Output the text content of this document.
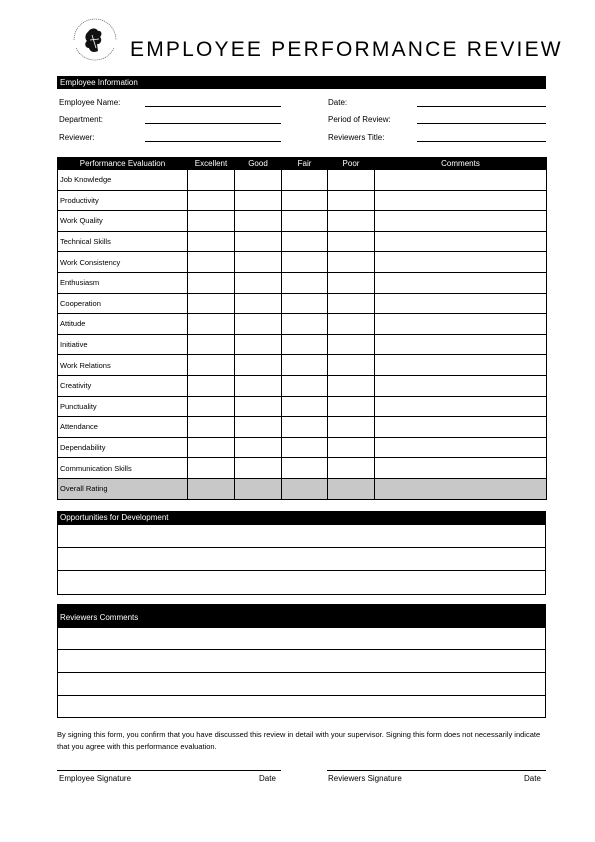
EMPLOYEE PERFORMANCE REVIEW
Employee Information
Employee Name:	Date:
Department:	Period of Review:
Reviewer:	Reviewers Title:
Performance Evaluation	Excellent	Good	Fair	Poor	Comments
Job Knowledge					
Productivity					
Work Quality					
Technical Skills					
Work Consistency					
Enthusiasm					
Cooperation					
Attitude					
Initiative					
Work Relations					
Creativity					
Punctuality					
Attendance					
Dependability					
Communication Skills					
Overall Rating					
Opportunities for Development
Reviewers Comments
By signing this form, you confirm that you have discussed this review in detail with your supervisor. Signing this form does not necessarily indicate that you agree with this performance evaluation.
Employee Signature	Date	Reviewers Signature	Date
